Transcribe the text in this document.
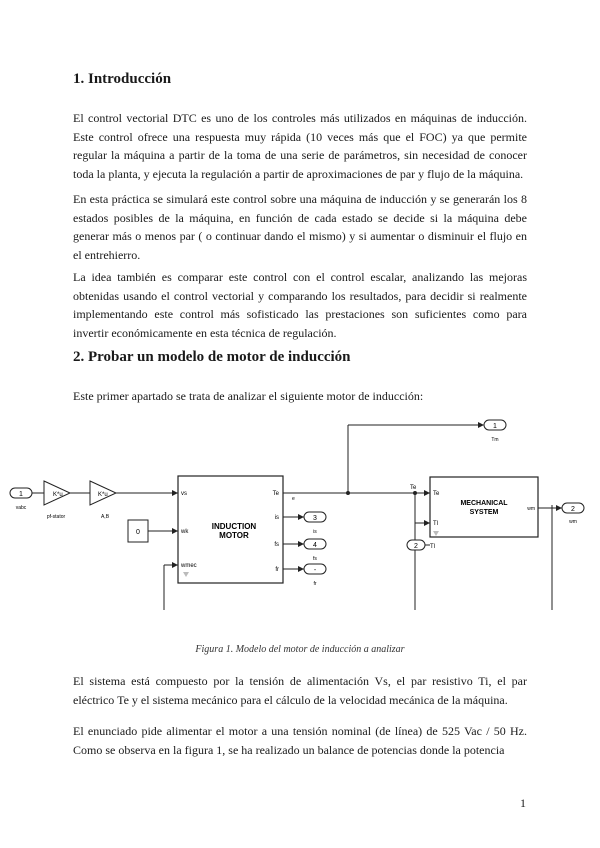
1. Introducción

El control vectorial DTC es uno de los controles más utilizados en máquinas de inducción. Este control ofrece una respuesta muy rápida (10 veces más que el FOC) ya que permite regular la máquina a partir de la toma de una serie de parámetros, sin necesidad de conocer toda la planta, y ejecuta la regulación a partir de aproximaciones de par y flujo de la máquina.

En esta práctica se simulará este control sobre una máquina de inducción y se generarán los 8 estados posibles de la máquina, en función de cada estado se decide si la máquina debe generar más o menos par ( o continuar dando el mismo) y si aumentar o disminuir el flujo en el entrehierro.

La idea también es comparar este control con el control escalar, analizando las mejoras obtenidas usando el control vectorial y comparando los resultados, para decidir si realmente implementando este control más sofisticado las prestaciones son suficientes como para invertir económicamente en esta técnica de regulación.

2. Probar un modelo de motor de inducción

Este primer apartado se trata de analizar el siguiente motor de inducción:

1
vabc
K*u
pf-stator
K*u
A,B
0
INDUCTION
MOTOR
vs
wk
wmec
Te
is
fs
fr
e
3
is
4
fs
-
fr
1
Tm
Te
MECHANICAL
SYSTEM
Te
Tl
wm
Tl
2
2
wm
Figura 1. Modelo del motor de inducción a analizar

El sistema está compuesto por la tensión de alimentación Vs, el par resistivo Ti, el par eléctrico Te y el sistema mecánico para el cálculo de la velocidad mecánica de la máquina.

El enunciado pide alimentar el motor a una tensión nominal (de línea) de 525 Vac / 50 Hz. Como se observa en la figura 1, se ha realizado un balance de potencias donde la potencia

1
